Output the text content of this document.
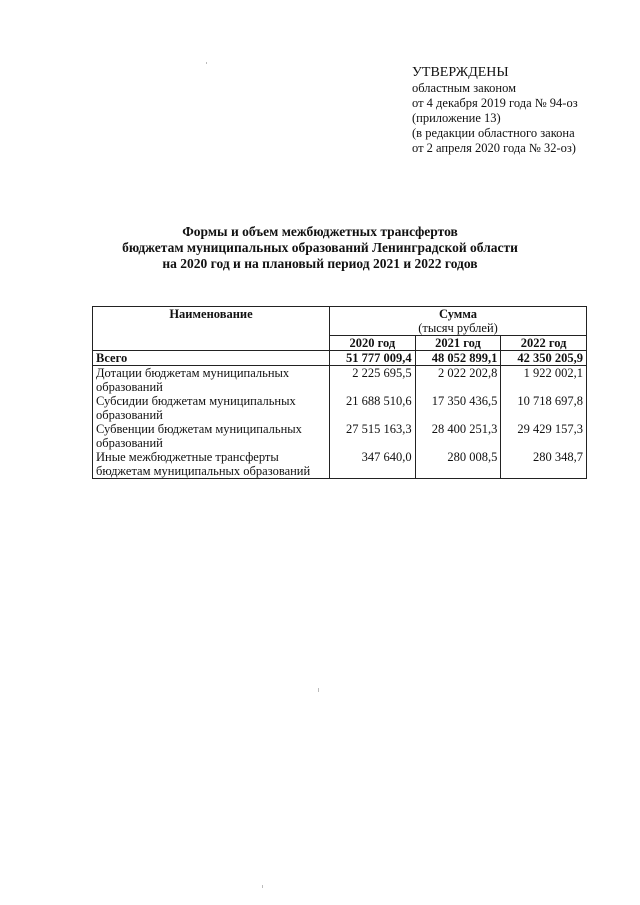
УТВЕРЖДЕНЫ
областным законом
от 4 декабря 2019 года № 94-оз
(приложение 13)
(в редакции областного закона
от 2 апреля 2020 года № 32-оз)
Формы и объем межбюджетных трансфертов
бюджетам муниципальных образований Ленинградской области
на 2020 год и на плановый период 2021 и 2022 годов
Наименование	Сумма
(тысяч рублей)		

	2020 год	2021 год	2022 год
Всего	51 777 009,4	48 052 899,1	42 350 205,9

Дотации бюджетам муниципальных
образований	2 225 695,5	2 022 202,8	1 922 002,1

Субсидии бюджетам муниципальных
образований	21 688 510,6	17 350 436,5	10 718 697,8

Субвенции бюджетам муниципальных
образований	27 515 163,3	28 400 251,3	29 429 157,3

Иные межбюджетные трансферты
бюджетам муниципальных образований	347 640,0	280 008,5	280 348,7
